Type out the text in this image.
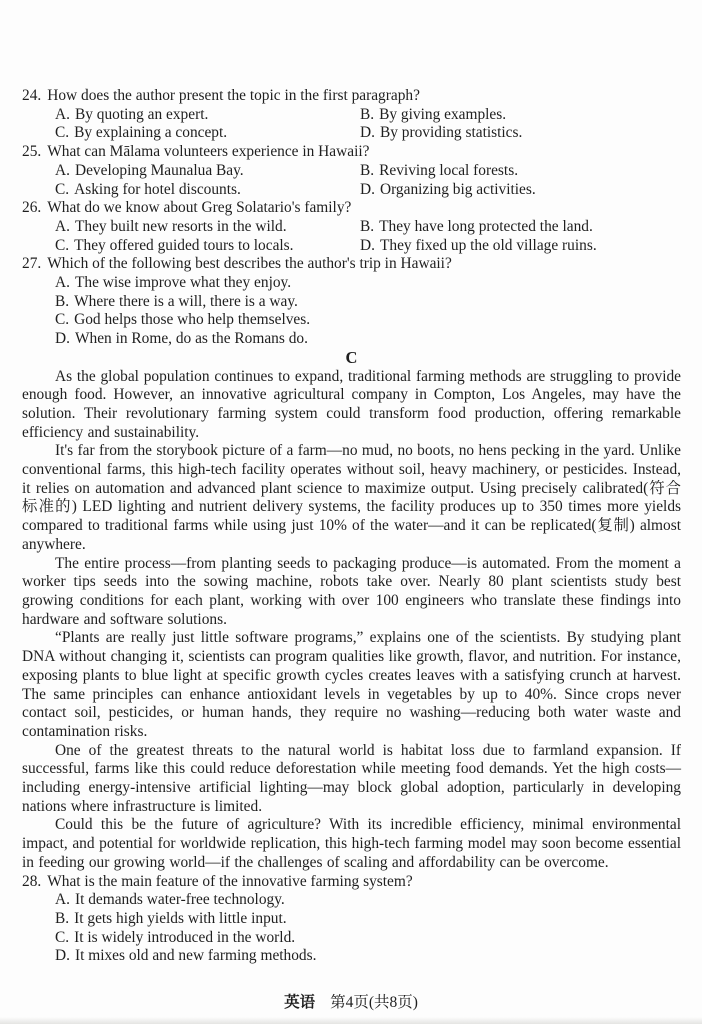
24. How does the author present the topic in the first paragraph?
A. By quoting an expert.	B. By giving examples.
C. By explaining a concept.	D. By providing statistics.
25. What can Mālama volunteers experience in Hawaii?
A. Developing Maunalua Bay.	B. Reviving local forests.
C. Asking for hotel discounts.	D. Organizing big activities.
26. What do we know about Greg Solatario's family?
A. They built new resorts in the wild.	B. They have long protected the land.
C. They offered guided tours to locals.	D. They fixed up the old village ruins.
27. Which of the following best describes the author's trip in Hawaii?
A. The wise improve what they enjoy.
B. Where there is a will, there is a way.
C. God helps those who help themselves.
D. When in Rome, do as the Romans do.
C

As the global population continues to expand, traditional farming methods are struggling to provide enough food. However, an innovative agricultural company in Compton, Los Angeles, may have the solution. Their revolutionary farming system could transform food production, offering remarkable efficiency and sustainability.

It's far from the storybook picture of a farm—no mud, no boots, no hens pecking in the yard. Unlike conventional farms, this high-tech facility operates without soil, heavy machinery, or pesticides. Instead, it relies on automation and advanced plant science to maximize output. Using precisely calibrated(符合标准的) LED lighting and nutrient delivery systems, the facility produces up to 350 times more yields compared to traditional farms while using just 10% of the water—and it can be replicated(复制) almost anywhere.

The entire process—from planting seeds to packaging produce—is automated. From the moment a worker tips seeds into the sowing machine, robots take over. Nearly 80 plant scientists study best growing conditions for each plant, working with over 100 engineers who translate these findings into hardware and software solutions.

“Plants are really just little software programs,” explains one of the scientists. By studying plant DNA without changing it, scientists can program qualities like growth, flavor, and nutrition. For instance, exposing plants to blue light at specific growth cycles creates leaves with a satisfying crunch at harvest. The same principles can enhance antioxidant levels in vegetables by up to 40%. Since crops never contact soil, pesticides, or human hands, they require no washing—reducing both water waste and contamination risks.

One of the greatest threats to the natural world is habitat loss due to farmland expansion. If successful, farms like this could reduce deforestation while meeting food demands. Yet the high costs—including energy-intensive artificial lighting—may block global adoption, particularly in developing nations where infrastructure is limited.

Could this be the future of agriculture? With its incredible efficiency, minimal environmental impact, and potential for worldwide replication, this high-tech farming model may soon become essential in feeding our growing world—if the challenges of scaling and affordability can be overcome.

28. What is the main feature of the innovative farming system?
A. It demands water-free technology.
B. It gets high yields with little input.
C. It is widely introduced in the world.
D. It mixes old and new farming methods.
英语 第4页(共8页)
